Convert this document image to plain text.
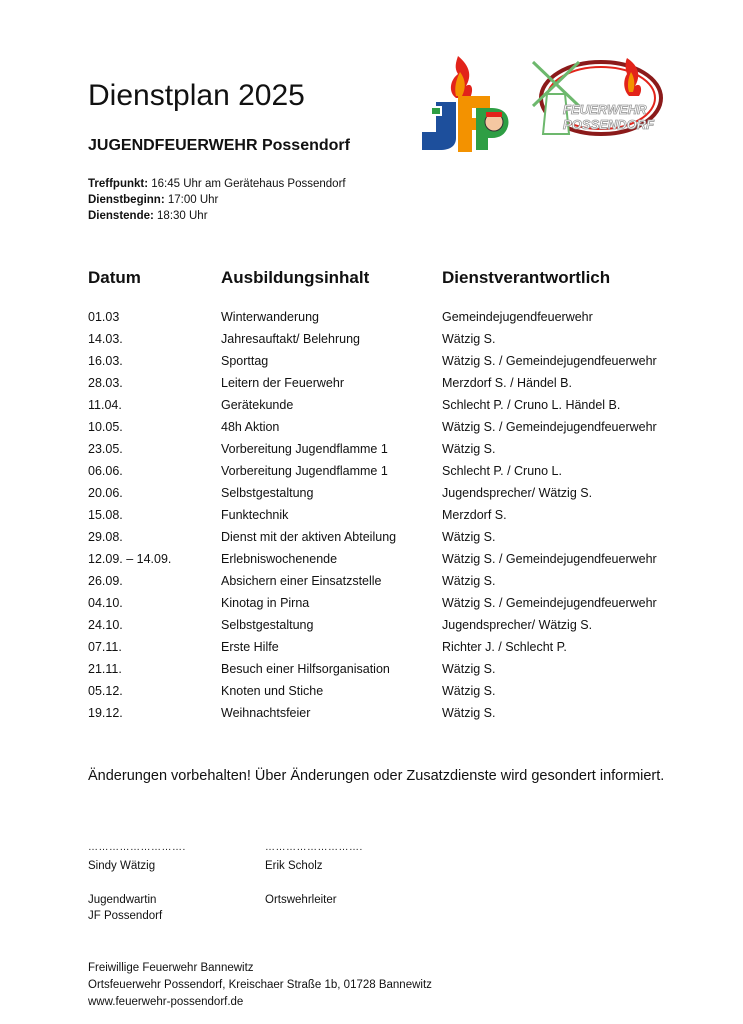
Dienstplan 2025
JUGENDFEUERWEHR Possendorf
FEUERWEHR
POSSENDORF
Treffpunkt: 16:45 Uhr am Gerätehaus Possendorf
Dienstbeginn: 17:00 Uhr
Dienstende: 18:30 Uhr
Datum	Ausbildungsinhalt	Dienstverantwortlich
01.03	Winterwanderung	Gemeindejugendfeuerwehr
14.03.	Jahresauftakt/ Belehrung	Wätzig S.
16.03.	Sporttag	Wätzig S. / Gemeindejugendfeuerwehr
28.03.	Leitern der Feuerwehr	Merzdorf S. / Händel B.
11.04.	Gerätekunde	Schlecht P. / Cruno L. Händel B.
10.05.	48h Aktion	Wätzig S. / Gemeindejugendfeuerwehr
23.05.	Vorbereitung Jugendflamme 1	Wätzig S.
06.06.	Vorbereitung Jugendflamme 1	Schlecht P. / Cruno L.
20.06.	Selbstgestaltung	Jugendsprecher/ Wätzig S.
15.08.	Funktechnik	Merzdorf S.
29.08.	Dienst mit der aktiven Abteilung	Wätzig S.
12.09. – 14.09.	Erlebniswochenende	Wätzig S. / Gemeindejugendfeuerwehr
26.09.	Absichern einer Einsatzstelle	Wätzig S.
04.10.	Kinotag in Pirna	Wätzig S. / Gemeindejugendfeuerwehr
24.10.	Selbstgestaltung	Jugendsprecher/ Wätzig S.
07.11.	Erste Hilfe	Richter J. / Schlecht P.
21.11.	Besuch einer Hilfsorganisation	Wätzig S.
05.12.	Knoten und Stiche	Wätzig S.
19.12.	Weihnachtsfeier	Wätzig S.
Änderungen vorbehalten! Über Änderungen oder Zusatzdienste wird gesondert informiert.
……………………….
Sindy Wätzig
Jugendwartin
JF Possendorf
……………………….
Erik Scholz
Ortswehrleiter
Freiwillige Feuerwehr Bannewitz
Ortsfeuerwehr Possendorf, Kreischaer Straße 1b, 01728 Bannewitz
www.feuerwehr-possendorf.de
